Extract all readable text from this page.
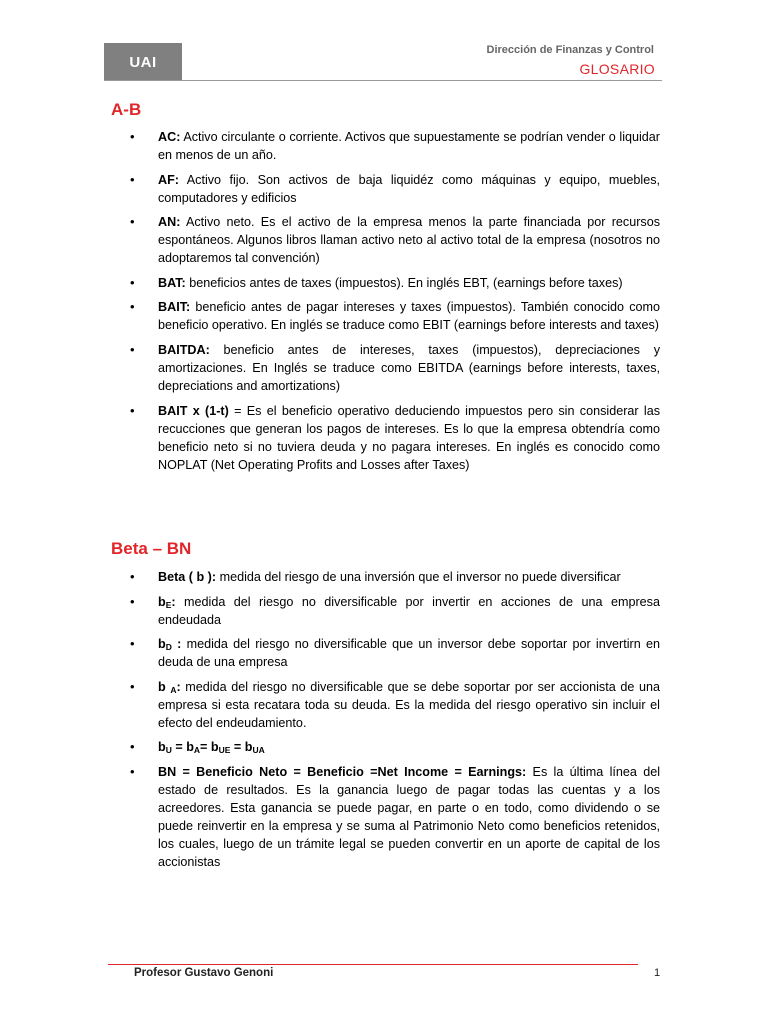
UAI
Dirección de Finanzas y Control
GLOSARIO
A-B
• AC: Activo circulante o corriente. Activos que supuestamente se podrían vender o liquidar en menos de un año.
• AF: Activo fijo. Son activos de baja liquidéz como máquinas y equipo, muebles, computadores y edificios
• AN: Activo neto. Es el activo de la empresa menos la parte financiada por recursos espontáneos. Algunos libros llaman activo neto al activo total de la empresa (nosotros no adoptaremos tal convención)
• BAT: beneficios antes de taxes (impuestos). En inglés EBT, (earnings before taxes)
• BAIT: beneficio antes de pagar intereses y taxes (impuestos). También conocido como beneficio operativo. En inglés se traduce como EBIT (earnings before interests and taxes)
• BAITDA: beneficio antes de intereses, taxes (impuestos), depreciaciones y amortizaciones. En Inglés se traduce como EBITDA (earnings before interests, taxes, depreciations and amortizations)
• BAIT x (1-t) = Es el beneficio operativo deduciendo impuestos pero sin considerar las recucciones que generan los pagos de intereses. Es lo que la empresa obtendría como beneficio neto si no tuviera deuda y no pagara intereses. En inglés es conocido como NOPLAT (Net Operating Profits and Losses after Taxes)
Beta – BN
• Beta ( b ): medida del riesgo de una inversión que el inversor no puede diversificar
• $b_E$: medida del riesgo no diversificable por invertir en acciones de una empresa endeudada
• $b_D$ : medida del riesgo no diversificable que un inversor debe soportar por invertirn en deuda de una empresa
• b $_A$: medida del riesgo no diversificable que se debe soportar por ser accionista de una empresa si esta recatara toda su deuda. Es la medida del riesgo operativo sin incluir el efecto del endeudamiento.
• $b_U = b_A= b_{UE} = b_{UA}$
• BN = Beneficio Neto = Beneficio =Net Income = Earnings: Es la última línea del estado de resultados. Es la ganancia luego de pagar todas las cuentas y a los acreedores. Esta ganancia se puede pagar, en parte o en todo, como dividendo o se puede reinvertir en la empresa y se suma al Patrimonio Neto como beneficios retenidos, los cuales, luego de un trámite legal se pueden convertir en un aporte de capital de los accionistas
Profesor Gustavo Genoni	1
